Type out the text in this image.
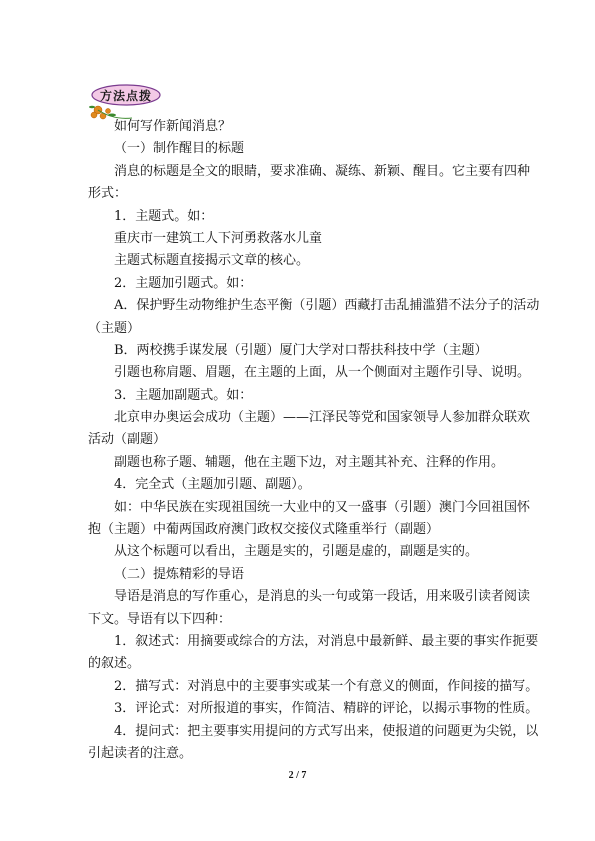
方法点拨
如何写作新闻消息？
（一）制作醒目的标题
消息的标题是全文的眼睛，要求准确、凝练、新颖、醒目。它主要有四种
形式：
1．主题式。如：
重庆市一建筑工人下河勇救落水儿童
主题式标题直接揭示文章的核心。
2．主题加引题式。如：
A．保护野生动物维护生态平衡（引题）西藏打击乱捕滥猎不法分子的活动
（主题）
B．两校携手谋发展（引题）厦门大学对口帮扶科技中学（主题）
引题也称肩题、眉题，在主题的上面，从一个侧面对主题作引导、说明。
3．主题加副题式。如：
北京申办奥运会成功（主题）——江泽民等党和国家领导人参加群众联欢
活动（副题）
副题也称子题、辅题，他在主题下边，对主题其补充、注释的作用。
4．完全式（主题加引题、副题）。
如：中华民族在实现祖国统一大业中的又一盛事（引题）澳门今回祖国怀
抱（主题）中葡两国政府澳门政权交接仪式隆重举行（副题）
从这个标题可以看出，主题是实的，引题是虚的，副题是实的。
（二）提炼精彩的导语
导语是消息的写作重心，是消息的头一句或第一段话，用来吸引读者阅读
下文。导语有以下四种：
1．叙述式：用摘要或综合的方法，对消息中最新鲜、最主要的事实作扼要
的叙述。
2．描写式：对消息中的主要事实或某一个有意义的侧面，作间接的描写。
3．评论式：对所报道的事实，作简洁、精辟的评论，以揭示事物的性质。
4．提问式：把主要事实用提问的方式写出来，使报道的问题更为尖锐，以
引起读者的注意。
2 / 7
